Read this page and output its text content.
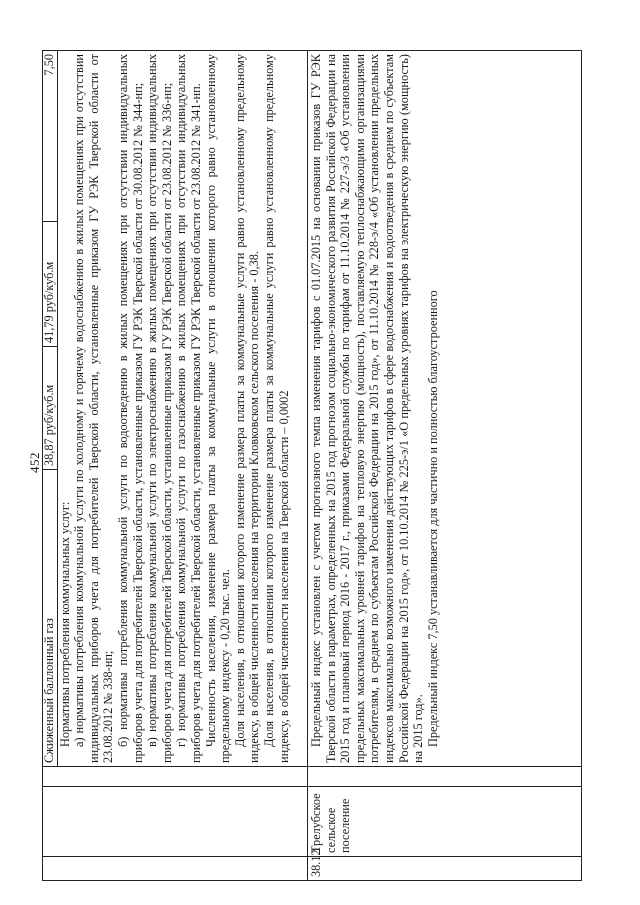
452

Сжиженный баллонный газ	38,87 руб/куб.м	41,79 руб/куб.м	7,50

Нормативы потребления коммунальных услуг: а) нормативы потребления коммунальной услуги по холодному и горячему водоснабжению в жилых помещениях при отсутствии индивидуальных приборов учета для потребителей Тверской области, установленные приказом ГУ РЭК Тверской области от 23.08.2012 № 338-нп; б) нормативы потребления коммунальной услуги по водоотведению в жилых помещениях при отсутствии индивидуальных приборов учета для потребителей Тверской области, установленные приказом ГУ РЭК Тверской области от 30.08.2012 № 344-нп; в) нормативы потребления коммунальной услуги по электроснабжению в жилых помещениях при отсутствии индивидуальных приборов учета для потребителей Тверской области, установленные приказом ГУ РЭК Тверской области от 23.08.2012 № 336-нп; г) нормативы потребления коммунальной услуги по газоснабжению в жилых помещениях при отсутствии индивидуальных приборов учета для потребителей Тверской области, установленные приказом ГУ РЭК Тверской области от 23.08.2012 № 341-нп. Численность населения, изменение размера платы за коммунальные услуги в отношении которого равно установленному предельному индексу - 0,20 тыс. чел. Доля населения, в отношении которого изменение размера платы за коммунальные услуги равно установленному предельному индексу, в общей численности населения на территории Кловковском сельского поселения - 0,38. Доля населения, в отношении которого изменение размера платы за коммунальные услуги равно установленному предельному индексу, в общей численности населения на Тверской области – 0,0002

38.12	Трелубское сельское поселение		

Предельный индекс установлен с учетом прогнозного темпа изменения тарифов с 01.07.2015 на основании приказов ГУ РЭК Тверской области в параметрах, определенных на 2015 год прогнозом социально-экономического развития Российской Федерации на 2015 год и плановый период 2016 - 2017 г., приказами Федеральной службы по тарифам от 11.10.2014 № 227-э/3 «Об установлении предельных максимальных уровней тарифов на тепловую энергию (мощность), поставляемую теплоснабжающими организациями потребителям, в среднем по субъектам Российской Федерации на 2015 год», от 11.10.2014 № 228-э/4 «Об установлении предельных индексов максимально возможного изменения действующих тарифов в сфере водоснабжения и водоотведения в среднем по субъектам Российской Федерации на 2015 год», от 10.10.2014 № 225-э/1 «О предельных уровнях тарифов на электрическую энергию (мощность) на 2015 год». Предельный индекс 7,50 устанавливается для частично и полностью благоустроенного
